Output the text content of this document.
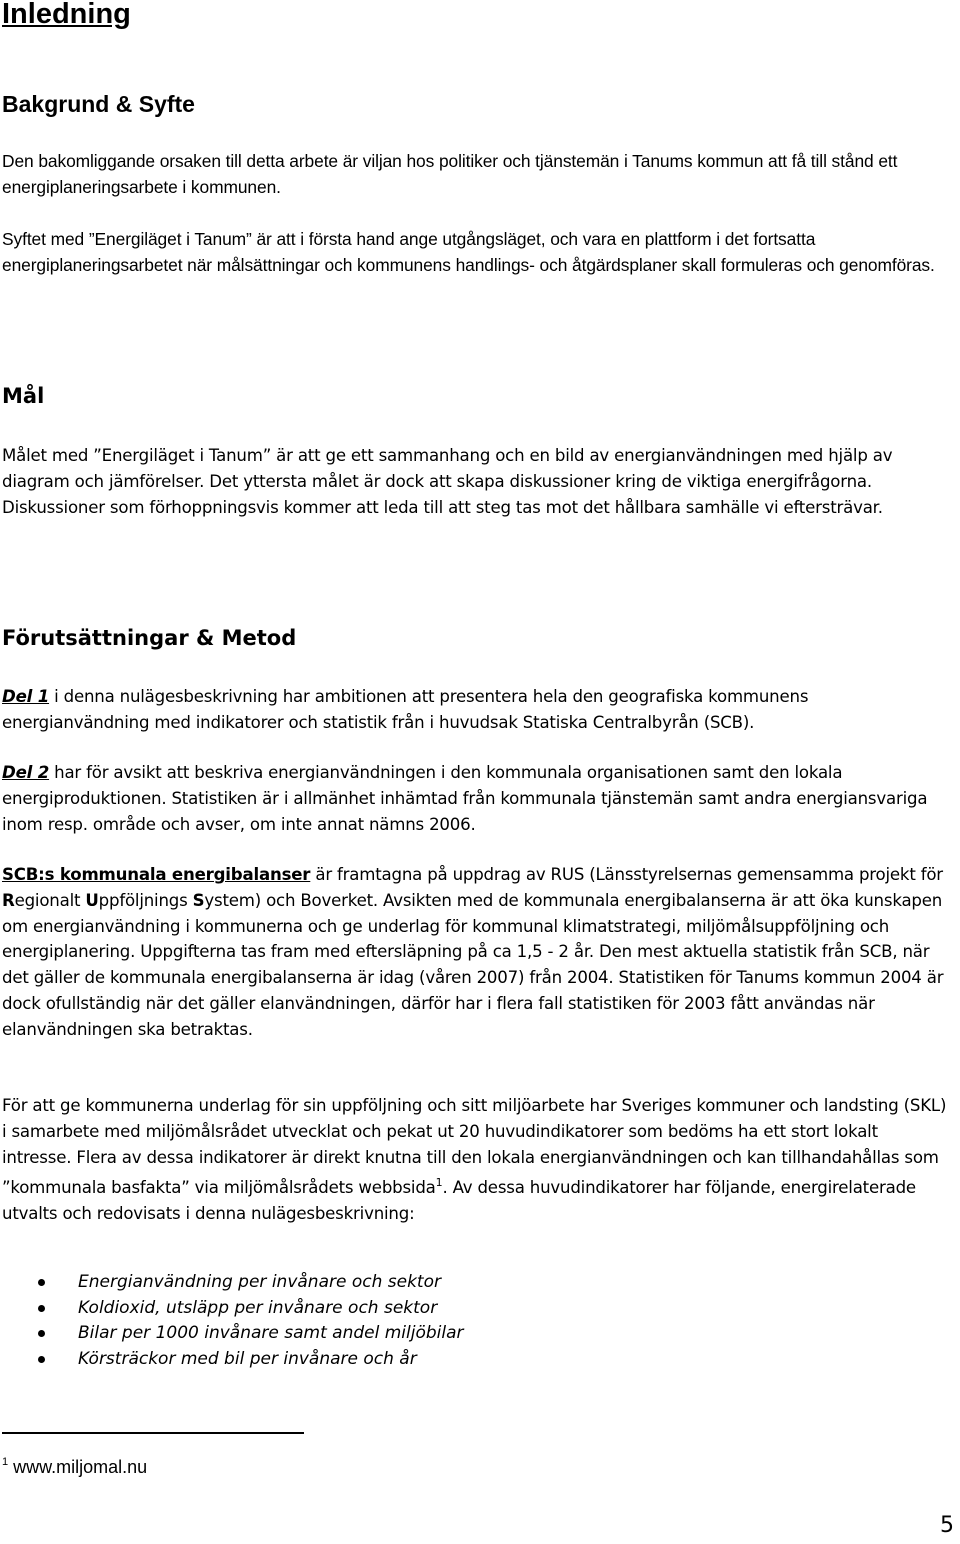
Inledning
Bakgrund & Syfte

Den bakomliggande orsaken till detta arbete är viljan hos politiker och tjänstemän i Tanums kommun att få till stånd ett energiplaneringsarbete i kommunen.

Syftet med ”Energiläget i Tanum” är att i första hand ange utgångsläget, och vara en plattform i det fortsatta energiplaneringsarbetet när målsättningar och kommunens handlings- och åtgärdsplaner skall formuleras och genomföras.

Mål

Målet med ”Energiläget i Tanum” är att ge ett sammanhang och en bild av energianvändningen med hjälp av diagram och jämförelser. Det yttersta målet är dock att skapa diskussioner kring de viktiga energifrågorna. Diskussioner som förhoppningsvis kommer att leda till att steg tas mot det hållbara samhälle vi eftersträvar.

Förutsättningar & Metod

Del 1 i denna nulägesbeskrivning har ambitionen att presentera hela den geografiska kommunens energianvändning med indikatorer och statistik från i huvudsak Statiska Centralbyrån (SCB).

Del 2 har för avsikt att beskriva energianvändningen i den kommunala organisationen samt den lokala energiproduktionen. Statistiken är i allmänhet inhämtad från kommunala tjänstemän samt andra energiansvariga inom resp. område och avser, om inte annat nämns 2006.

SCB:s kommunala energibalanser är framtagna på uppdrag av RUS (Länsstyrelsernas gemensamma projekt för Regionalt Uppföljnings System) och Boverket. Avsikten med de kommunala energibalanserna är att öka kunskapen om energianvändning i kommunerna och ge underlag för kommunal klimatstrategi, miljömålsuppföljning och energiplanering. Uppgifterna tas fram med eftersläpning på ca 1,5 - 2 år. Den mest aktuella statistik från SCB, när det gäller de kommunala energibalanserna är idag (våren 2007) från 2004. Statistiken för Tanums kommun 2004 är dock ofullständig när det gäller elanvändningen, därför har i flera fall statistiken för 2003 fått användas när elanvändningen ska betraktas.

För att ge kommunerna underlag för sin uppföljning och sitt miljöarbete har Sveriges kommuner och landsting (SKL) i samarbete med miljömålsrådet utvecklat och pekat ut 20 huvudindikatorer som bedöms ha ett stort lokalt intresse. Flera av dessa indikatorer är direkt knutna till den lokala energianvändningen och kan tillhandahållas som ”kommunala basfakta” via miljömålsrådets webbsida$^1$. Av dessa huvudindikatorer har följande, energirelaterade utvalts och redovisats i denna nulägesbeskrivning:

Energianvändning per invånare och sektor
Koldioxid, utsläpp per invånare och sektor
Bilar per 1000 invånare samt andel miljöbilar
Körsträckor med bil per invånare och år

$^1$ www.miljomal.nu

5
